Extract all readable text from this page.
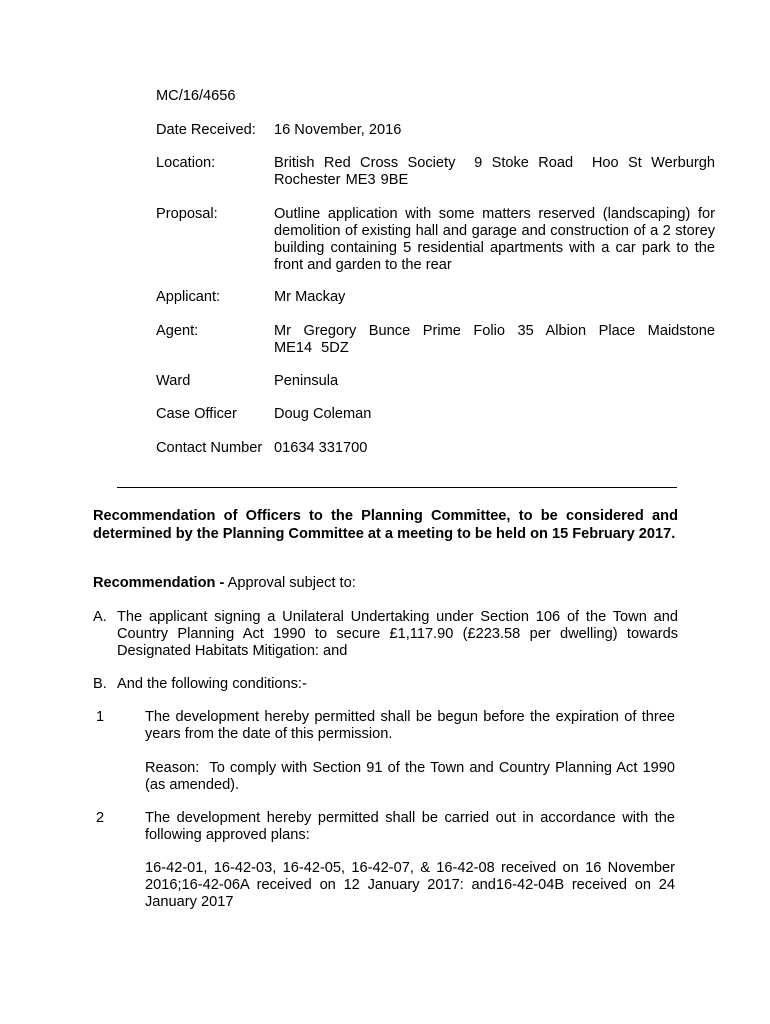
MC/16/4656
Date Received: 16 November, 2016
Location:	British Red Cross Society  9 Stoke Road  Hoo St Werburgh Rochester ME3 9BE
Proposal:	Outline application with some matters reserved (landscaping) for demolition of existing hall and garage and construction of a 2 storey building containing 5 residential apartments with a car park to the front and garden to the rear
Applicant:	Mr Mackay
Agent:	Mr Gregory Bunce Prime Folio 35 Albion Place Maidstone ME14 5DZ
Ward	Peninsula
Case Officer	Doug Coleman
Contact Number 01634 331700
Recommendation of Officers to the Planning Committee, to be considered and determined by the Planning Committee at a meeting to be held on 15 February 2017.
Recommendation - Approval subject to:
A. The applicant signing a Unilateral Undertaking under Section 106 of the Town and Country Planning Act 1990 to secure £1,117.90 (£223.58 per dwelling) towards Designated Habitats Mitigation: and
B. And the following conditions:-
1	The development hereby permitted shall be begun before the expiration of three years from the date of this permission.
Reason:  To comply with Section 91 of the Town and Country Planning Act 1990 (as amended).
2	The development hereby permitted shall be carried out in accordance with the following approved plans:
16-42-01, 16-42-03, 16-42-05, 16-42-07, & 16-42-08 received on 16 November 2016;16-42-06A received on 12 January 2017: and16-42-04B received on 24 January 2017
